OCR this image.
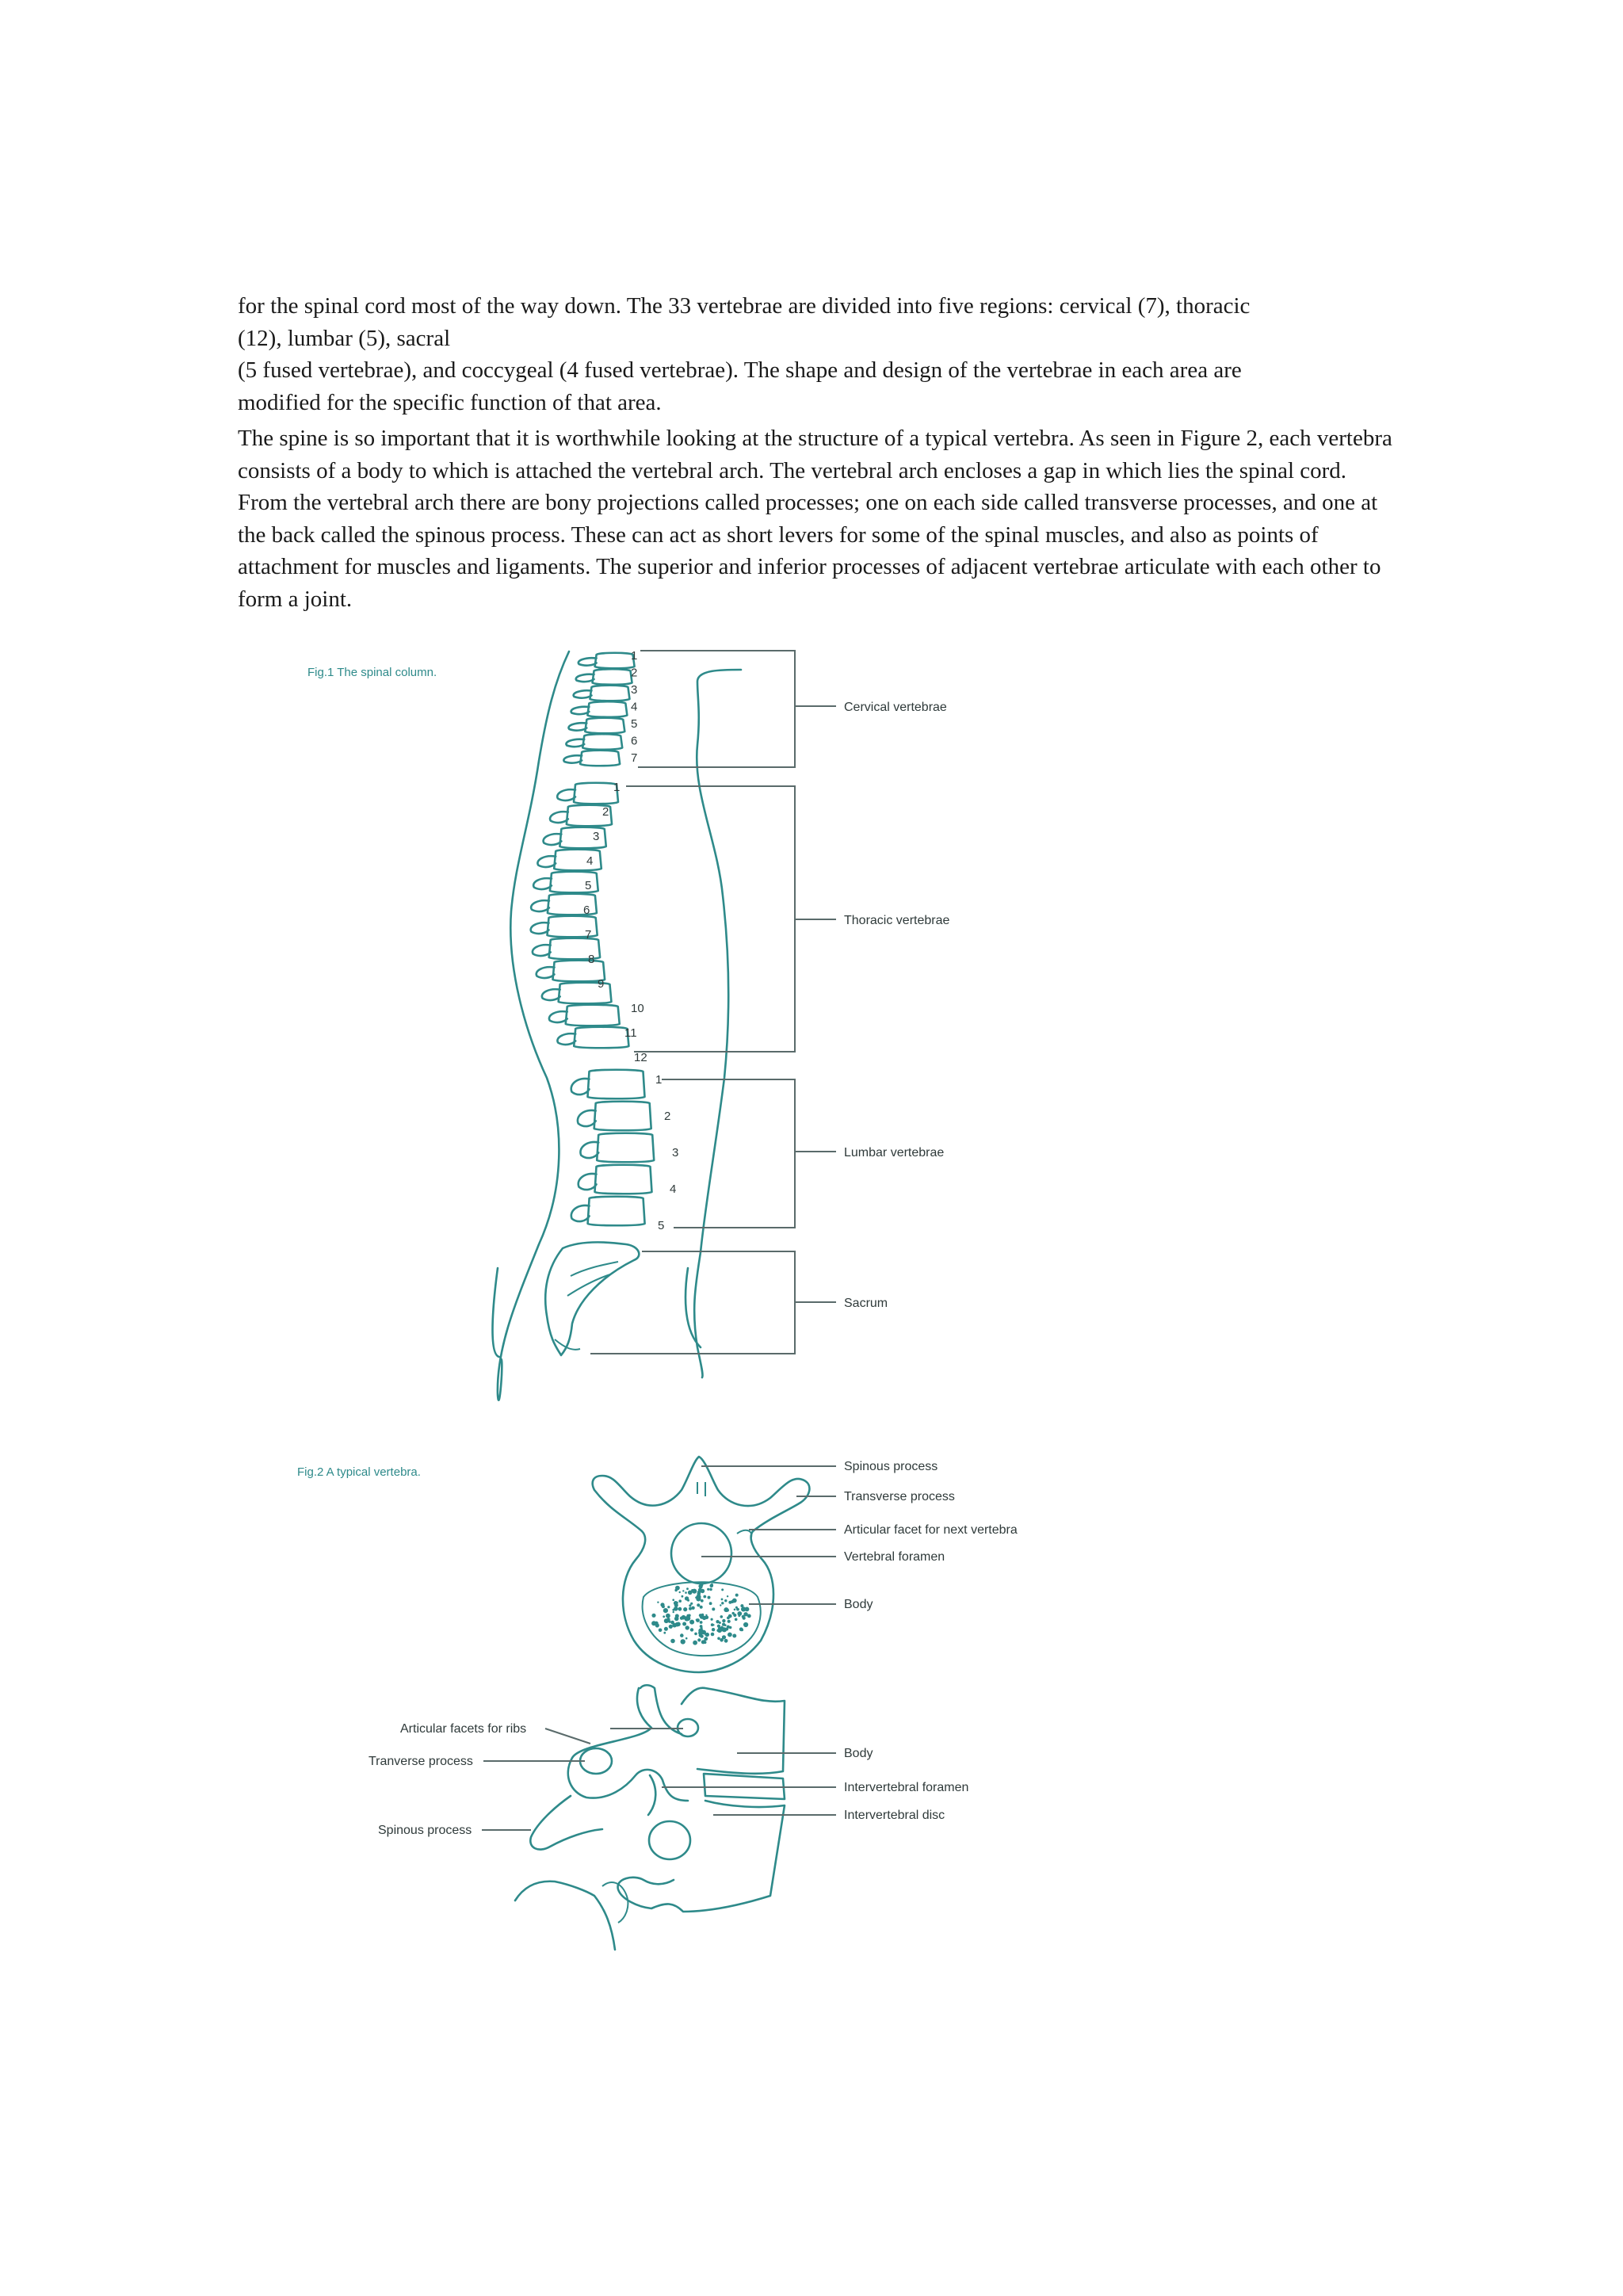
for the spinal cord most of the way down. The 33 vertebrae are divided into five regions: cervical (7), thoracic

(12), lumbar (5), sacral

(5 fused vertebrae), and coccygeal (4 fused vertebrae). The shape and design of the vertebrae in each area are

modified for the specific function of that area.

The spine is so important that it is worthwhile looking at the structure of a typical vertebra. As seen in Figure 2, each vertebra consists of a body to which is attached the vertebral arch. The vertebral arch encloses a gap in which lies the spinal cord. From the vertebral arch there are bony projections called processes; one on each side called transverse processes, and one at the back called the spinous process. These can act as short levers for some of the spinal muscles, and also as points of attachment for muscles and ligaments. The superior and inferior processes of adjacent vertebrae articulate with each other to form a joint.

Fig.1 The spinal column.
1
2
3
4
5
6
7
1
2
3
4
5
6
7
8
9
10
11
12
1
2
3
4
5
Cervical vertebrae
Thoracic vertebrae
Lumbar vertebrae
Sacrum
Fig.2 A typical vertebra.	Spinous process
Transverse process
Articular facet for next vertebra
Vertebral foramen
Body
Articular facets for ribs
Tranverse process
Spinous process
Body
Intervertebral foramen
Intervertebral disc
